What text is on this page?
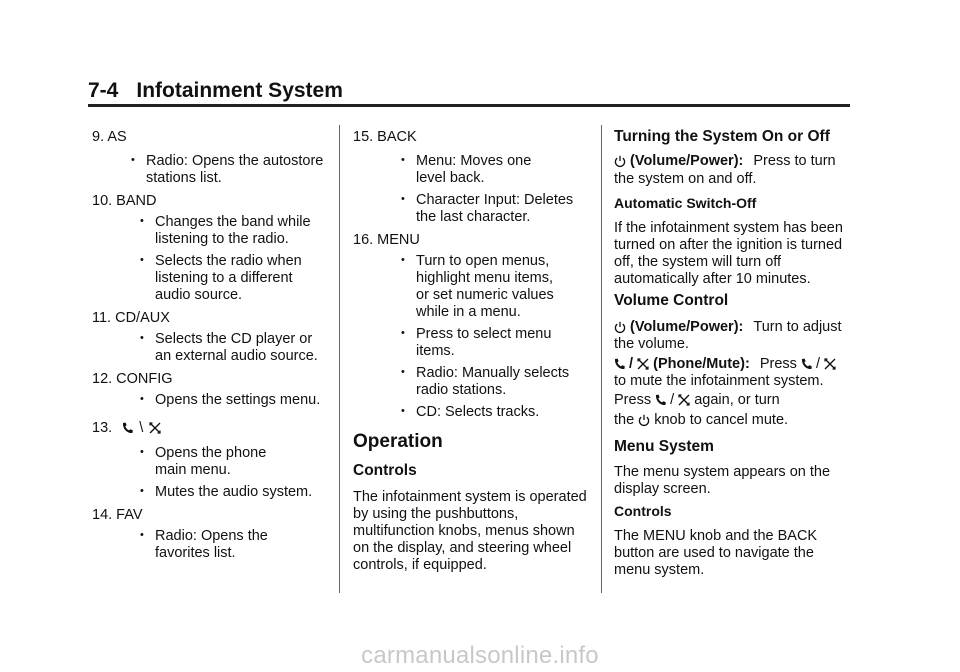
7-4 Infotainment System
9. AS
• Radio: Opens the autostore
stations list.
10. BAND
• Changes the band while
listening to the radio.
• Selects the radio when
listening to a different
audio source.
11. CD/AUX
• Selects the CD player or
an external audio source.
12. CONFIG
• Opens the settings menu.
13. \
• Opens the phone
main menu.
• Mutes the audio system.
14. FAV
• Radio: Opens the
favorites list.
15. BACK
• Menu: Moves one
level back.
• Character Input: Deletes
the last character.
16. MENU
• Turn to open menus,
highlight menu items,
or set numeric values
while in a menu.
• Press to select menu
items.
• Radio: Manually selects
radio stations.
• CD: Selects tracks.
Operation
Controls
The infotainment system is operated
by using the pushbuttons,
multifunction knobs, menus shown
on the display, and steering wheel
controls, if equipped.
Turning the System On or Off
(Volume/Power): Press to turn
the system on and off.
Automatic Switch-Off
If the infotainment system has been
turned on after the ignition is turned
off, the system will turn off
automatically after 10 minutes.
Volume Control
(Volume/Power): Turn to adjust
the volume.
/ (Phone/Mute): Press /
to mute the infotainment system.
Press / again, or turn
the knob to cancel mute.
Menu System
The menu system appears on the
display screen.
Controls
The MENU knob and the BACK
button are used to navigate the
menu system.
carmanualsonline.info
